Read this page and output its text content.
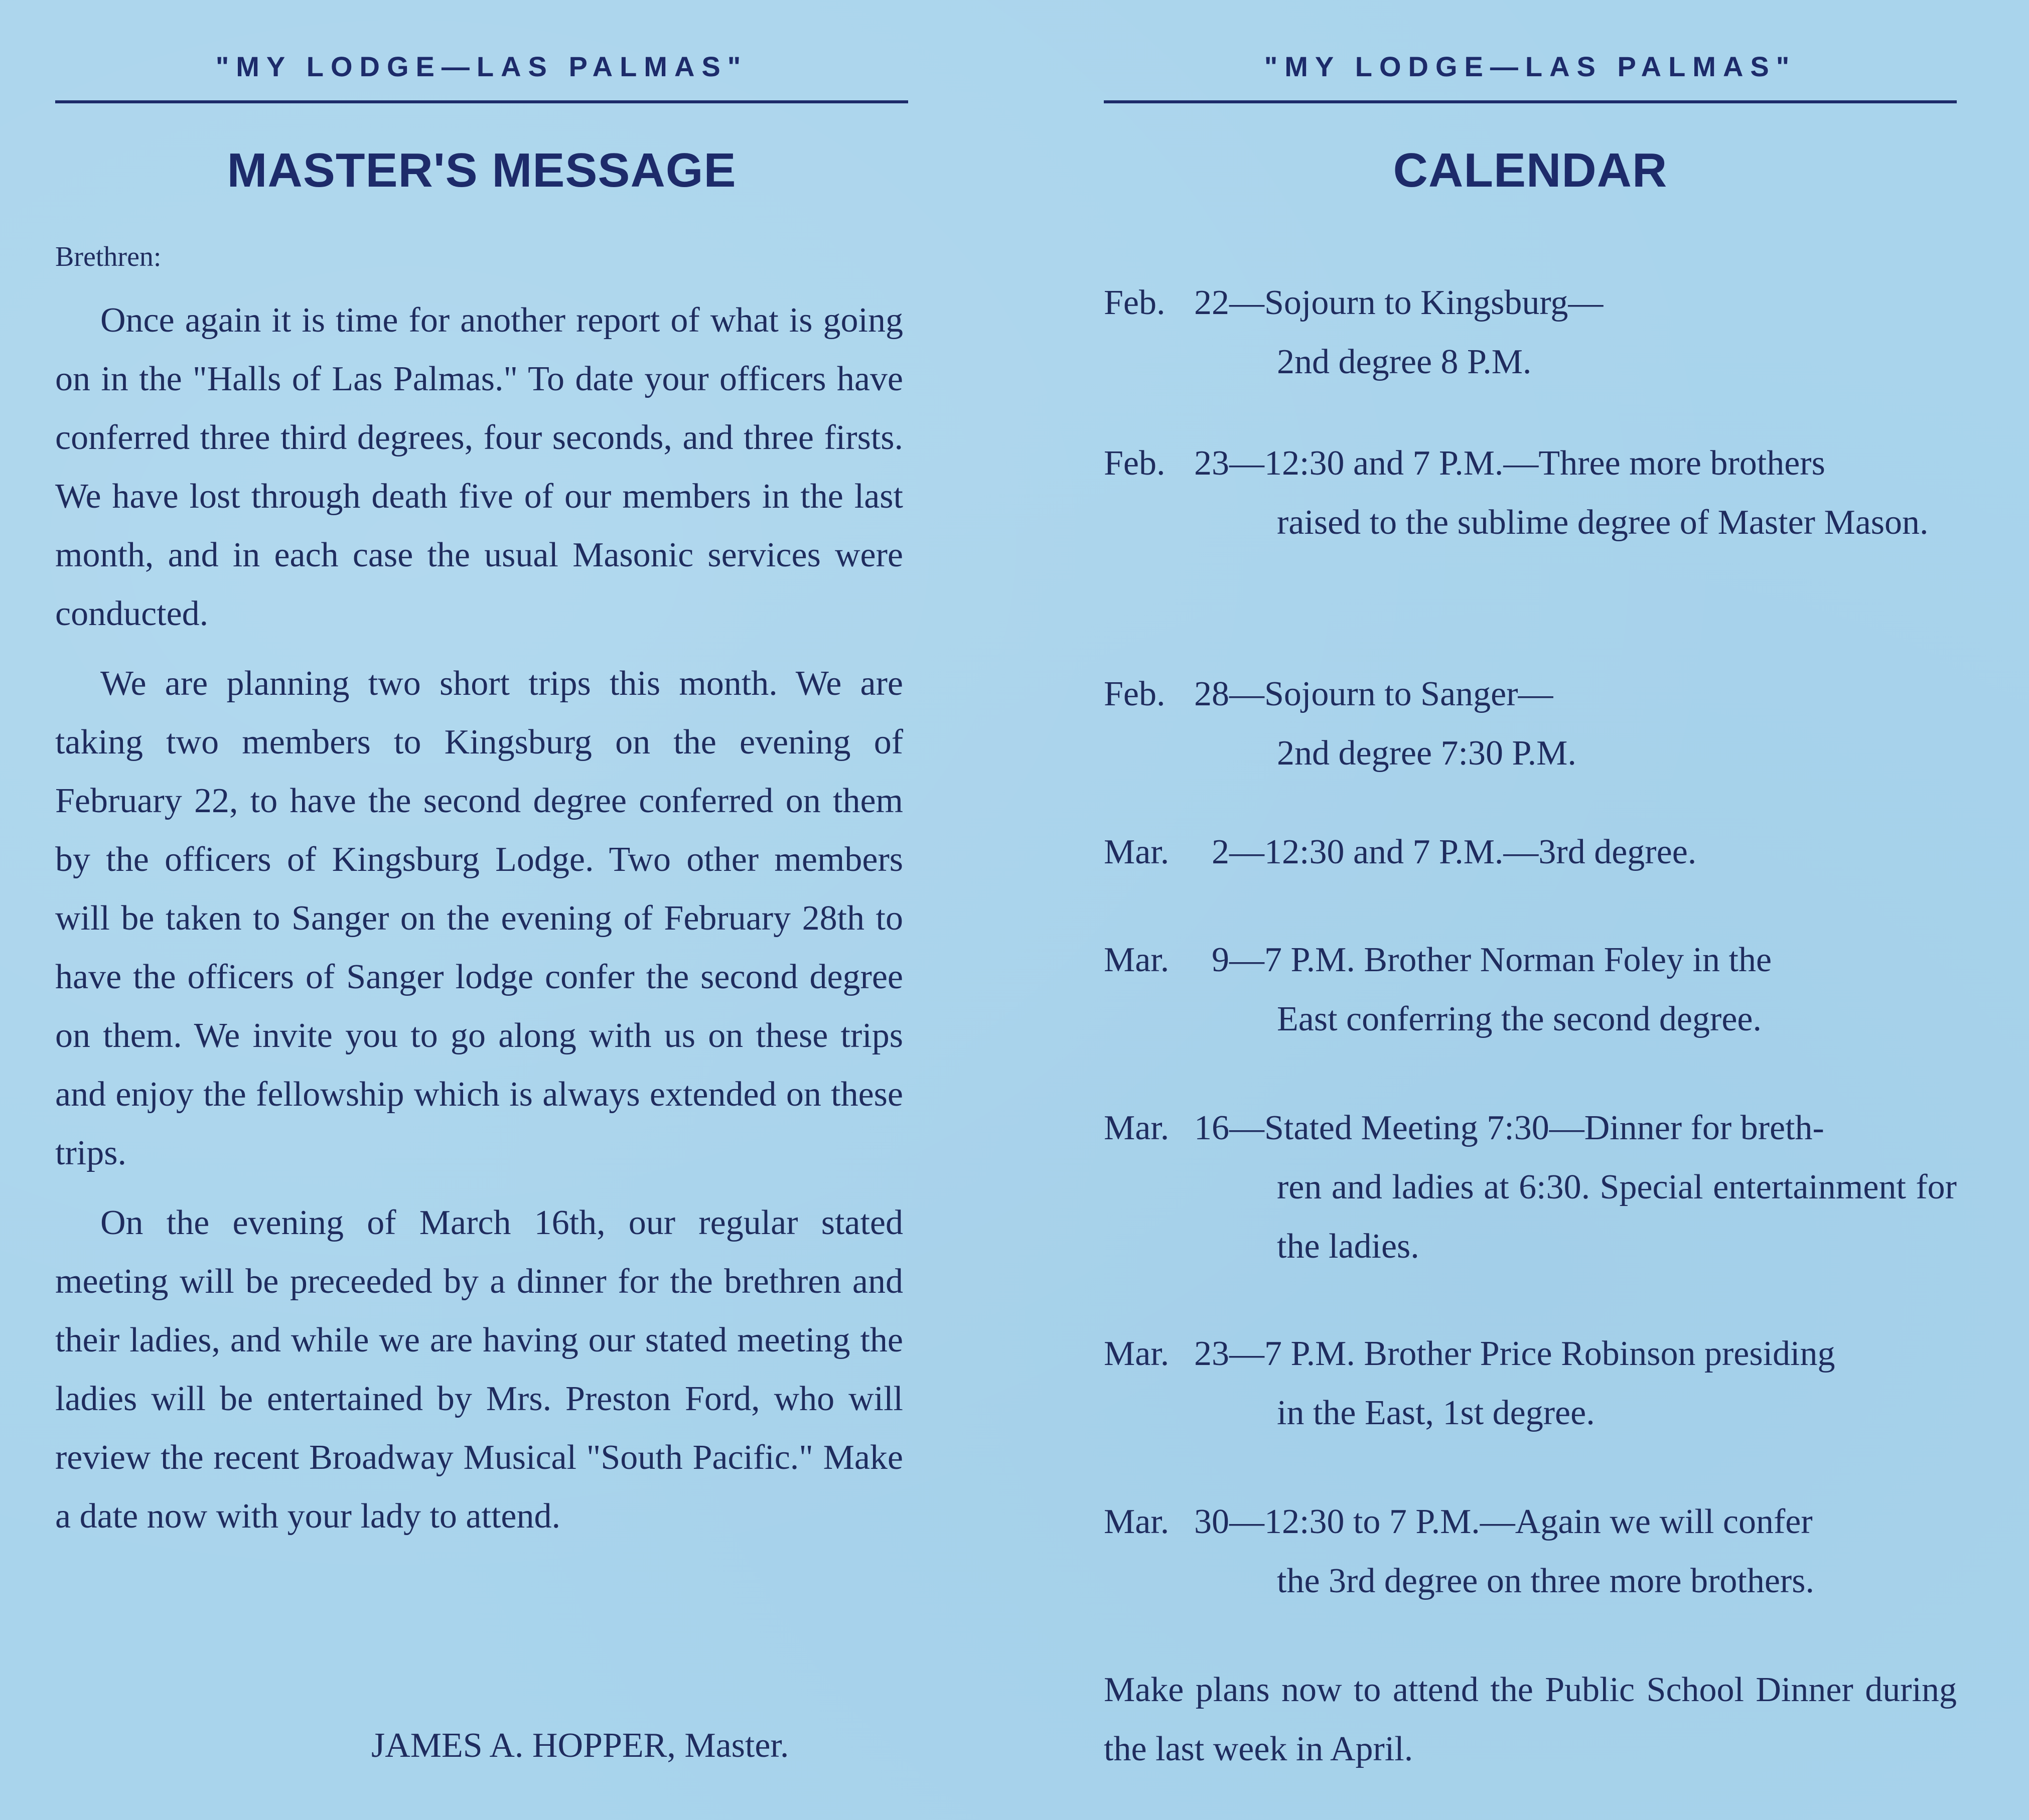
"MY LODGE—LAS PALMAS"
MASTER'S MESSAGE
Brethren:

Once again it is time for another report of what is going on in the "Halls of Las Palmas." To date your officers have conferred three third degrees, four seconds, and three firsts. We have lost through death five of our members in the last month, and in each case the usual Masonic services were conducted.

We are planning two short trips this month. We are taking two members to Kingsburg on the evening of February 22, to have the second degree conferred on them by the officers of Kingsburg Lodge. Two other members will be taken to Sanger on the evening of February 28th to have the officers of Sanger lodge confer the second degree on them. We invite you to go along with us on these trips and enjoy the fellowship which is always extended on these trips.

On the evening of March 16th, our regular stated meeting will be preceeded by a dinner for the brethren and their ladies, and while we are having our stated meeting the ladies will be entertained by Mrs. Preston Ford, who will review the recent Broadway Musical "South Pacific." Make a date now with your lady to attend.

JAMES A. HOPPER, Master.
"MY LODGE—LAS PALMAS"
CALENDAR
Feb. 22 —Sojourn to Kingsburg—
2nd degree 8 P.M.
Feb. 23 —12:30 and 7 P.M.—Three more brothers
raised to the sublime degree of Master Mason.
Feb. 28 —Sojourn to Sanger—
2nd degree 7:30 P.M.
Mar.	2 —12:30 and 7 P.M.—3rd degree.
Mar.	9 —7 P.M. Brother Norman Foley in the
East conferring the second degree.
Mar. 16 —Stated Meeting 7:30—Dinner for breth-
ren and ladies at 6:30. Special entertainment for the ladies.
Mar. 23 —7 P.M. Brother Price Robinson presiding
in the East, 1st degree.
Mar. 30 —12:30 to 7 P.M.—Again we will confer
the 3rd degree on three more brothers.
Make plans now to attend the Public School Dinner during the last week in April.
